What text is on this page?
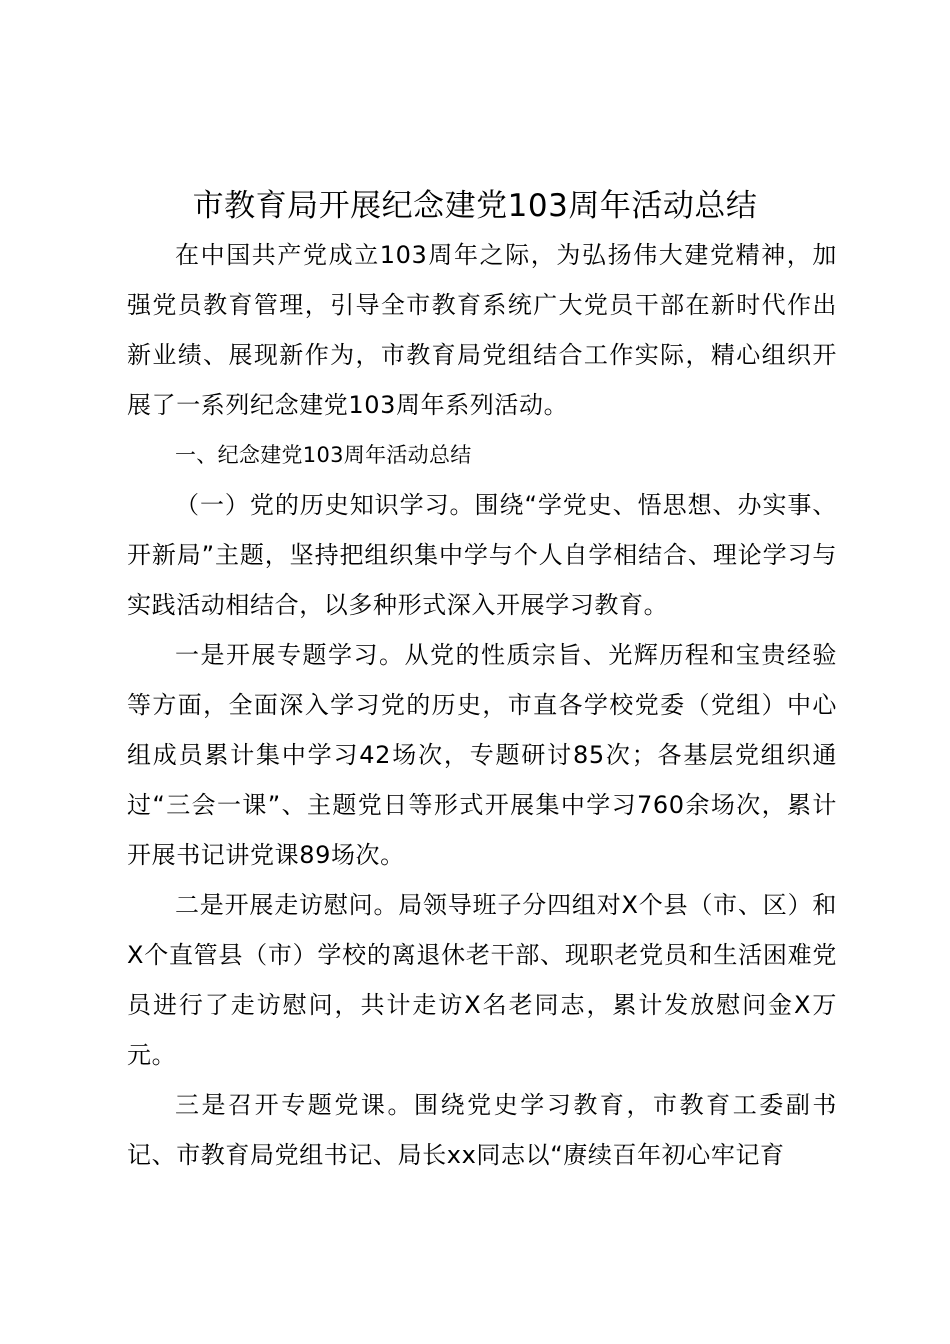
市教育局开展纪念建党103周年活动总结

在中国共产党成立103周年之际，为弘扬伟大建党精神，加强党员教育管理，引导全市教育系统广大党员干部在新时代作出新业绩、展现新作为，市教育局党组结合工作实际，精心组织开展了一系列纪念建党103周年系列活动。

一、纪念建党103周年活动总结

（一）党的历史知识学习。围绕“学党史、悟思想、办实事、开新局”主题，坚持把组织集中学与个人自学相结合、理论学习与实践活动相结合，以多种形式深入开展学习教育。

一是开展专题学习。从党的性质宗旨、光辉历程和宝贵经验等方面，全面深入学习党的历史，市直各学校党委（党组）中心组成员累计集中学习42场次，专题研讨85次；各基层党组织通过“三会一课”、主题党日等形式开展集中学习760余场次，累计开展书记讲党课89场次。

二是开展走访慰问。局领导班子分四组对X个县（市、区）和X个直管县（市）学校的离退休老干部、现职老党员和生活困难党员进行了走访慰问，共计走访X名老同志，累计发放慰问金X万元。

三是召开专题党课。围绕党史学习教育，市教育工委副书记、市教育局党组书记、局长xx同志以“赓续百年初心牢记育
